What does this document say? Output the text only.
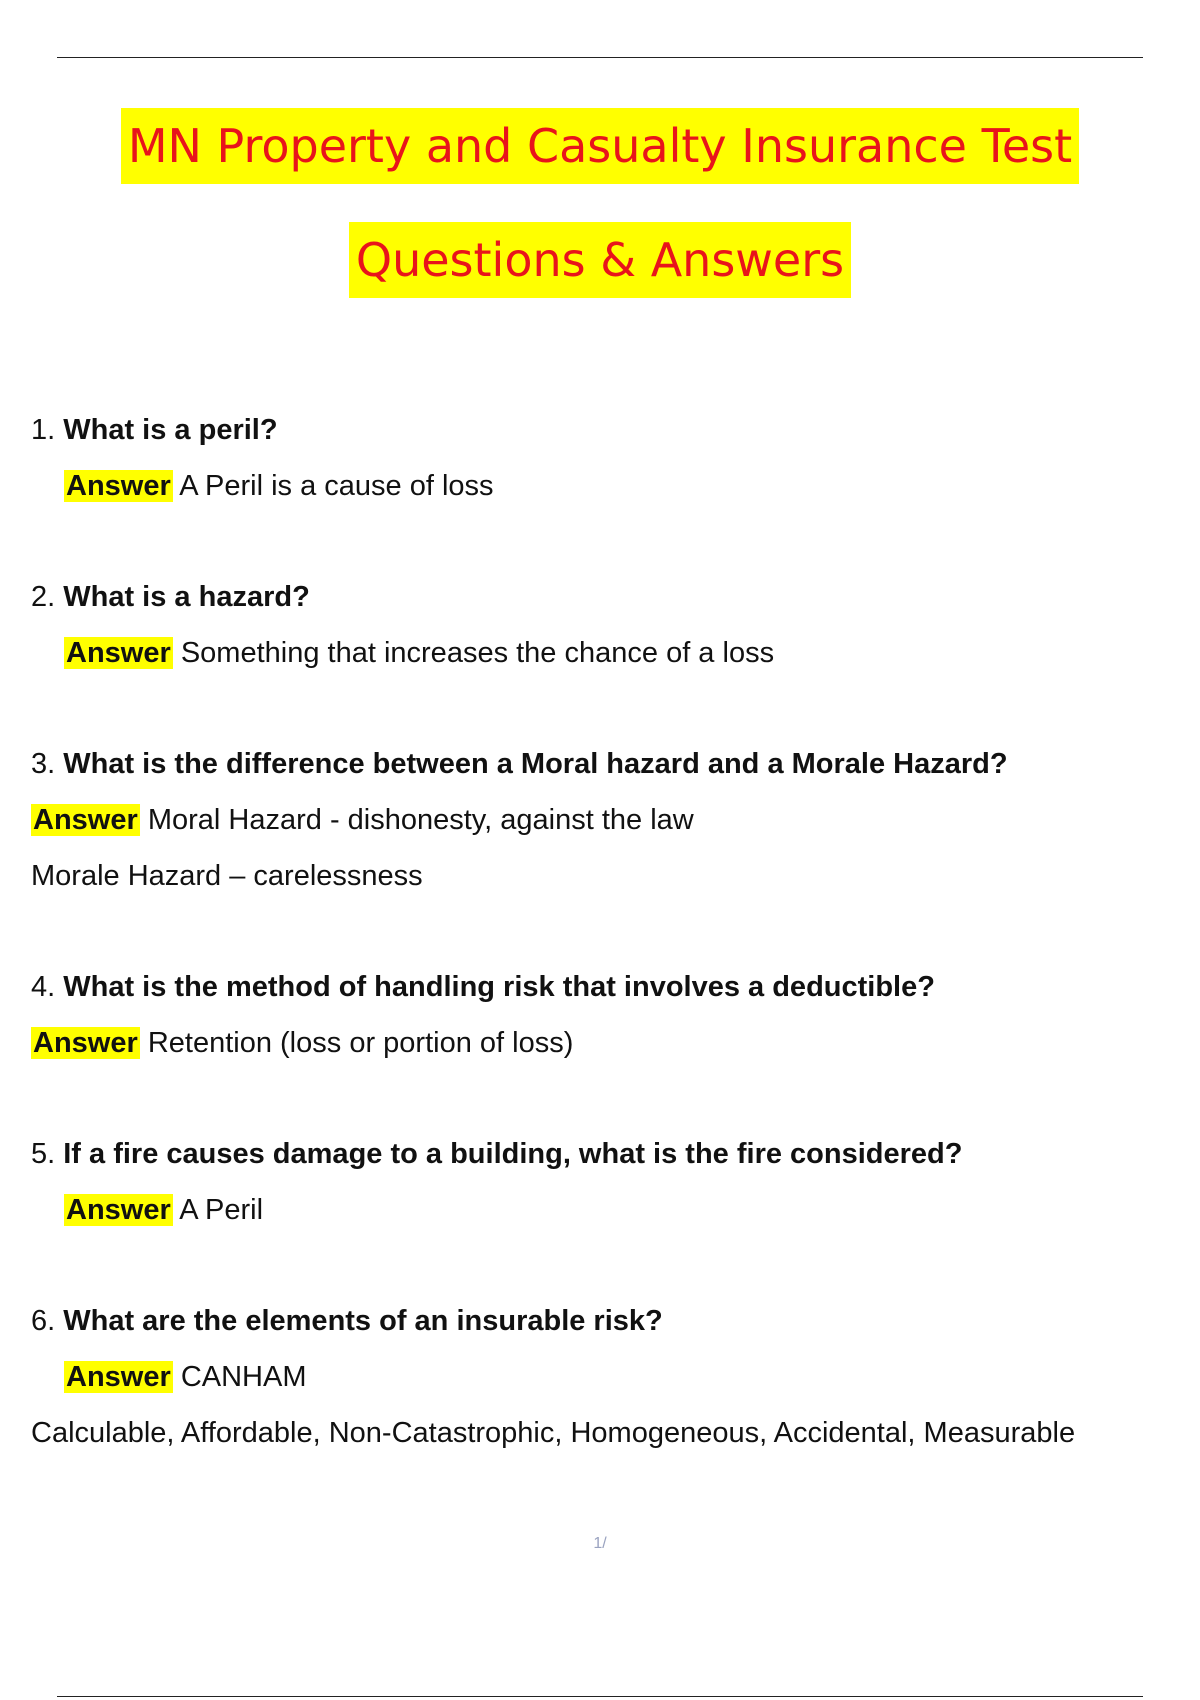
MN Property and Casualty Insurance Test
Questions & Answers
1. What is a peril?
Answer A Peril is a cause of loss
2. What is a hazard?
Answer Something that increases the chance of a loss
3. What is the difference between a Moral hazard and a Morale Hazard?
Answer Moral Hazard - dishonesty, against the law
Morale Hazard – carelessness
4. What is the method of handling risk that involves a deductible?
Answer Retention (loss or portion of loss)
5. If a fire causes damage to a building, what is the fire considered?
Answer A Peril
6. What are the elements of an insurable risk?
Answer CANHAM
Calculable, Affordable, Non-Catastrophic, Homogeneous, Accidental, Measurable
1/
